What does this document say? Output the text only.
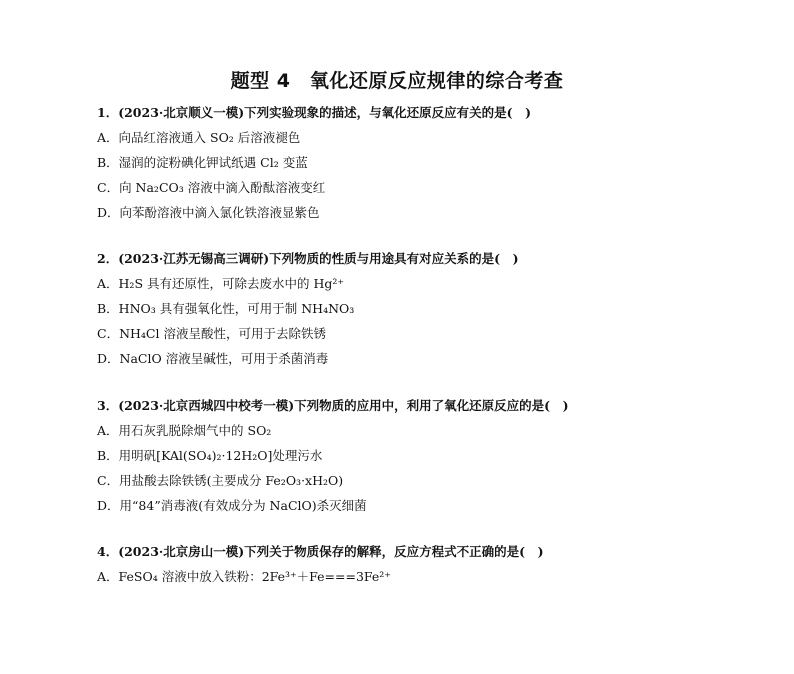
题型 4　氧化还原反应规律的综合考查
1．(2023·北京顺义一模)下列实验现象的描述，与氧化还原反应有关的是(　)
A．向品红溶液通入 SO₂ 后溶液褪色
B．湿润的淀粉碘化钾试纸遇 Cl₂ 变蓝
C．向 Na₂CO₃ 溶液中滴入酚酞溶液变红
D．向苯酚溶液中滴入氯化铁溶液显紫色
2．(2023·江苏无锡高三调研)下列物质的性质与用途具有对应关系的是(　)
A．H₂S 具有还原性，可除去废水中的 Hg²⁺
B．HNO₃ 具有强氧化性，可用于制 NH₄NO₃
C．NH₄Cl 溶液呈酸性，可用于去除铁锈
D．NaClO 溶液呈碱性，可用于杀菌消毒
3．(2023·北京西城四中校考一模)下列物质的应用中，利用了氧化还原反应的是(　)
A．用石灰乳脱除烟气中的 SO₂
B．用明矾[KAl(SO₄)₂·12H₂O]处理污水
C．用盐酸去除铁锈(主要成分 Fe₂O₃·xH₂O)
D．用“84”消毒液(有效成分为 NaClO)杀灭细菌
4．(2023·北京房山一模)下列关于物质保存的解释，反应方程式不正确的是(　)
A．FeSO₄ 溶液中放入铁粉：2Fe³⁺＋Fe===3Fe²⁺
